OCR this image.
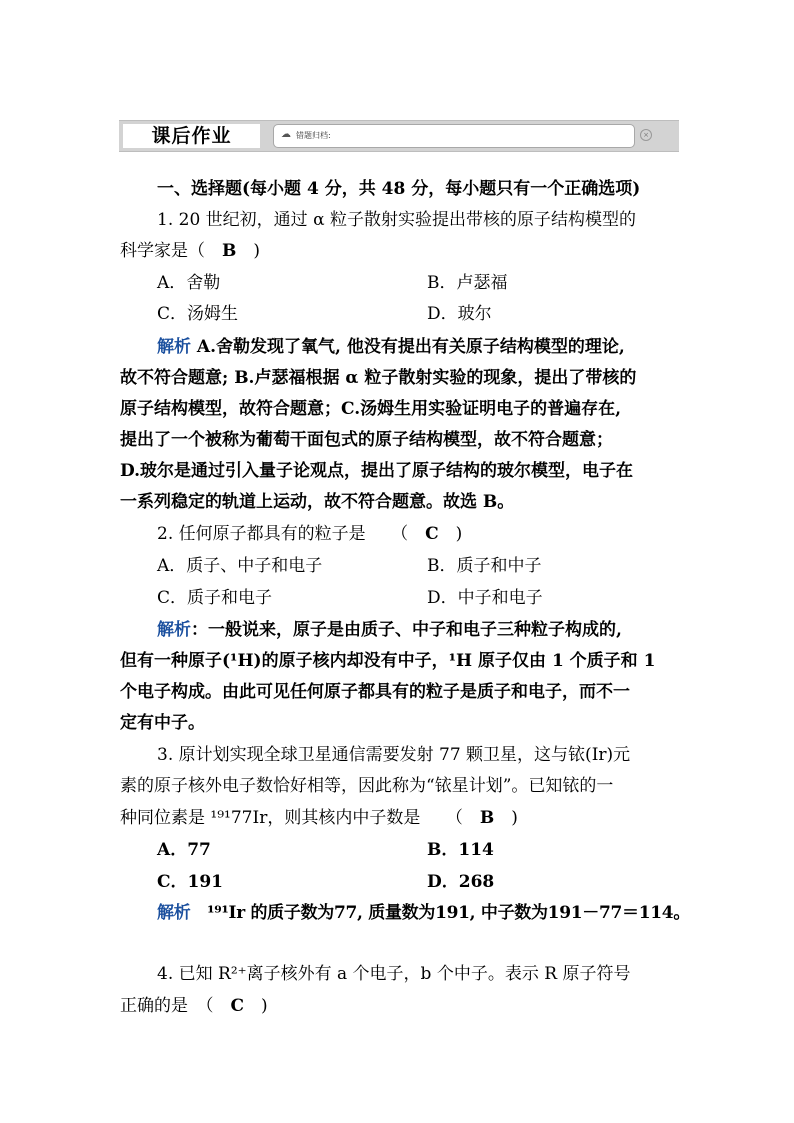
课后作业	☁ 错题归档:	×
一、选择题(每小题 4 分，共 48 分，每小题只有一个正确选项)
1. 20 世纪初，通过 α 粒子散射实验提出带核的原子结构模型的
科学家是（　B　)
A．舍勒	B．卢瑟福
C．汤姆生	D．玻尔
解析 A.舍勒发现了氧气, 他没有提出有关原子结构模型的理论,
故不符合题意; B.卢瑟福根据 α 粒子散射实验的现象，提出了带核的
原子结构模型，故符合题意；C.汤姆生用实验证明电子的普遍存在,
提出了一个被称为葡萄干面包式的原子结构模型，故不符合题意；
D.玻尔是通过引入量子论观点，提出了原子结构的玻尔模型，电子在
一系列稳定的轨道上运动，故不符合题意。故选 B。
2. 任何原子都具有的粒子是　　（　C　)
A．质子、中子和电子	B．质子和中子
C．质子和电子	D．中子和电子
解析：一般说来，原子是由质子、中子和电子三种粒子构成的,
但有一种原子(¹H)的原子核内却没有中子，¹H 原子仅由 1 个质子和 1
个电子构成。由此可见任何原子都具有的粒子是质子和电子，而不一
定有中子。
3. 原计划实现全球卫星通信需要发射 77 颗卫星，这与铱(Ir)元
素的原子核外电子数恰好相等，因此称为“铱星计划”。已知铱的一
种同位素是 ¹⁹¹77Ir，则其核内中子数是　　（　B　)
A．77	B．114
C．191	D．268
解析　¹⁹¹Ir 的质子数为77, 质量数为191, 中子数为191－77＝114。
4. 已知 R²⁺离子核外有 a 个电子，b 个中子。表示 R 原子符号
正确的是　（　C　)
